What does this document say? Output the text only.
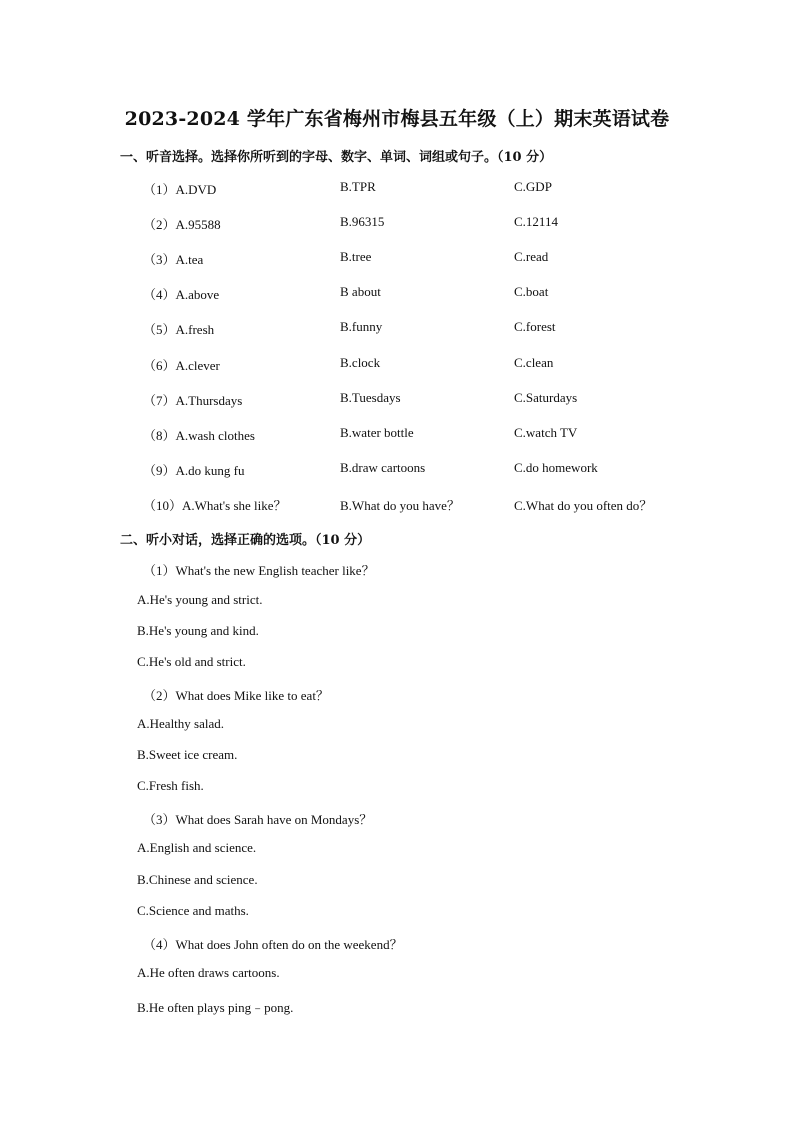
2023-2024 学年广东省梅州市梅县五年级（上）期末英语试卷
一、听音选择。选择你所听到的字母、数字、单词、词组或句子。（10 分）
（1）A.DVD	B.TPR	C.GDP
（2）A.95588	B.96315	C.12114
（3）A.tea	B.tree	C.read
（4）A.above	B about	C.boat
（5）A.fresh	B.funny	C.forest
（6）A.clever	B.clock	C.clean
（7）A.Thursdays	B.Tuesdays	C.Saturdays
（8）A.wash clothes	B.water bottle	C.watch TV
（9）A.do kung fu	B.draw cartoons	C.do homework
（10）A.What's she like？	B.What do you have？	C.What do you often do？
二、听小对话，选择正确的选项。（10 分）
（1）What's the new English teacher like？
A.He's young and strict.
B.He's young and kind.
C.He's old and strict.
（2）What does Mike like to eat？
A.Healthy salad.
B.Sweet ice cream.
C.Fresh fish.
（3）What does Sarah have on Mondays？
A.English and science.
B.Chinese and science.
C.Science and maths.
（4）What does John often do on the weekend？
A.He often draws cartoons.
B.He often plays ping﹣pong.
